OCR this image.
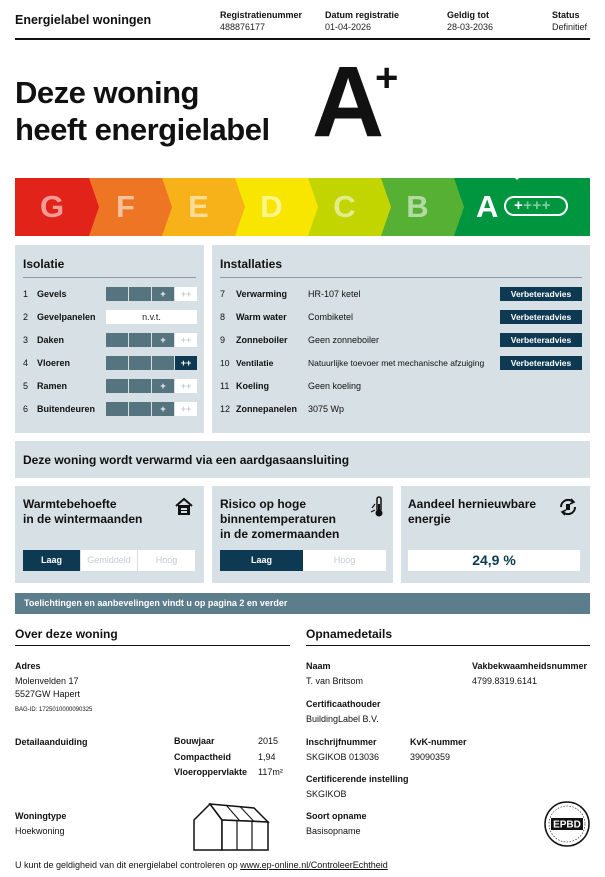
Energielabel woningen	Registratienummer
488876177
Datum registratie
01-04-2026
Geldig tot
28-03-2036
Status
Definitief
Deze woning
heeft energielabel A
+
G	F	E	D	C	B	A	++++
Isolatie
1 Gevels	+	++
2 Gevelpanelen	n.v.t.
3 Daken	+	++
4 Vloeren	++
5 Ramen	+	++
6 Buitendeuren	+	++
Installaties
7 Verwarming HR-107 ketel	Verbeteradvies
8 Warm water Combiketel	Verbeteradvies
9 Zonneboiler Geen zonneboiler	Verbeteradvies
10 Ventilatie	Natuurlijke toevoer met mechanische afzuiging	Verbeteradvies
11 Koeling	Geen koeling
12 Zonnepanelen 3075 Wp
Deze woning wordt verwarmd via een aardgasaansluiting
Warmtebehoefte
in de wintermaanden
Laag	Gemiddeld	Hoog
Risico op hoge
binnentemperaturen
in de zomermaanden
Laag	Hoog
Aandeel hernieuwbare
energie
24,9 %
Toelichtingen en aanbevelingen vindt u op pagina 2 en verder
Over deze woning
Adres
Molenvelden 17
5527GW Hapert
BAG-ID: 1725010000090325
Detailaanduiding	Bouwjaar	2015
Compactheid	1,94
Vloeroppervlakte 117m²
Woningtype
Hoekwoning
Opnamedetails
Naam
T. van Britsom
Vakbekwaamheidsnummer
4799.8319.6141
Certificaathouder
BuildingLabel B.V.
Inschrijfnummer
SKGIKOB 013036
KvK-nummer
39090359
Certificerende instelling
SKGIKOB
Soort opname
Basisopname
EPBD
U kunt de geldigheid van dit energielabel controleren op www.ep-online.nl/ControleerEchtheid
